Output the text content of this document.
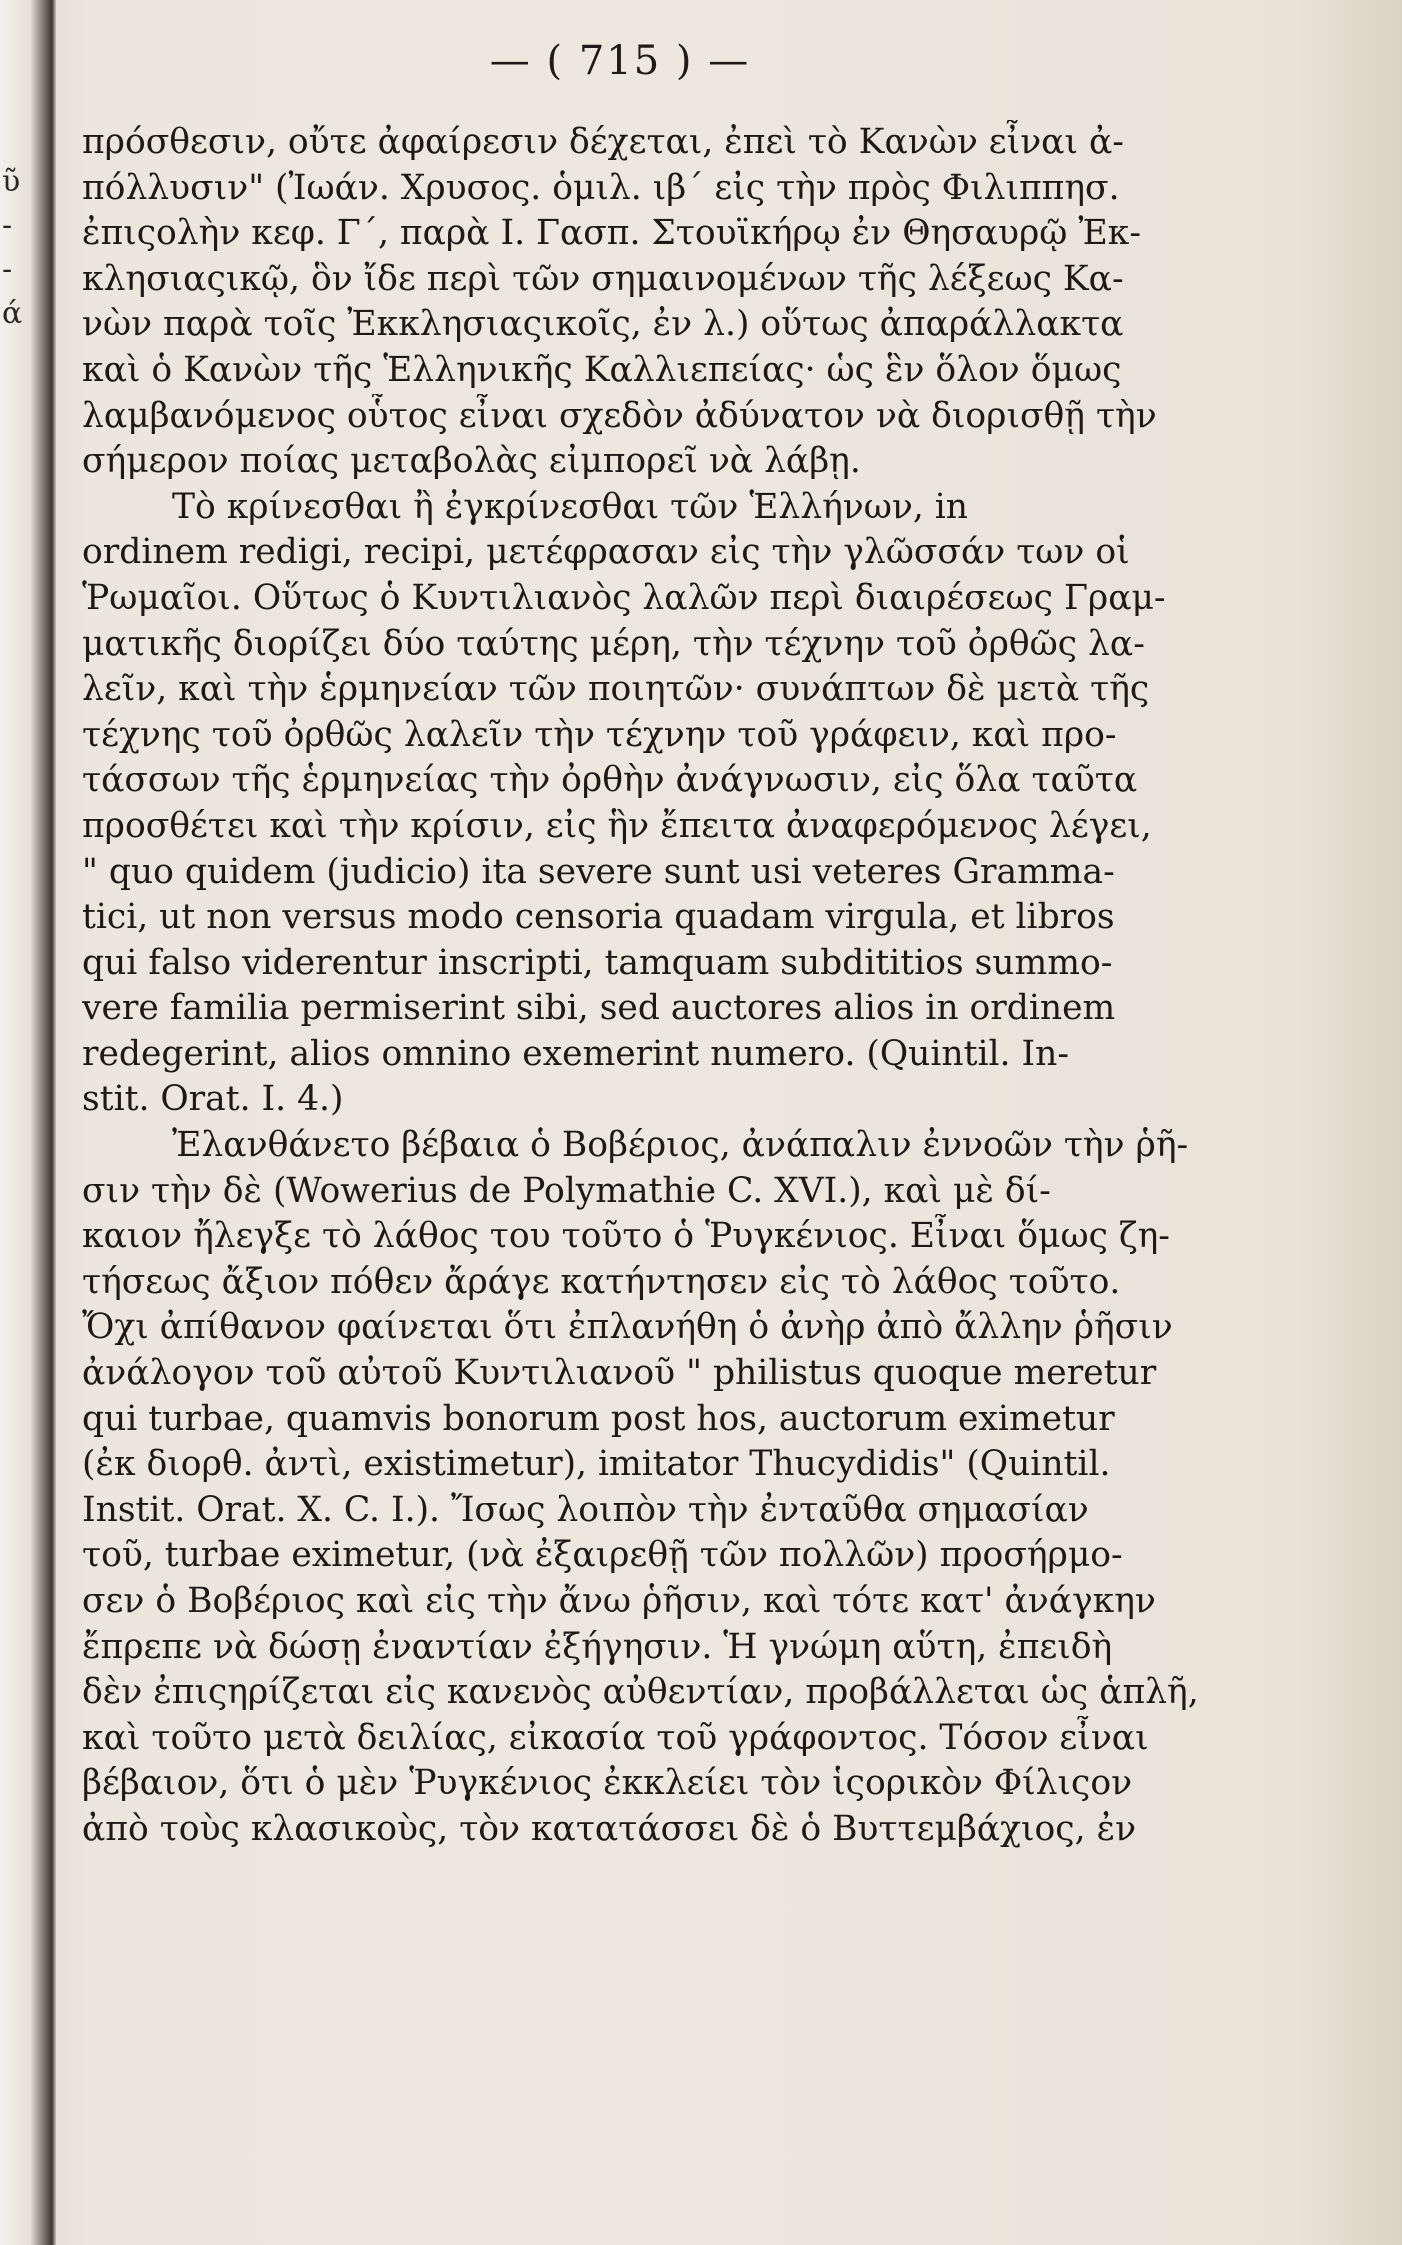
ῦ
-
-
ά
— ( 715 ) —
πρόσθεσιν, οὔτε ἀφαίρεσιν δέχεται, ἐπεὶ τὸ Κανὼν εἶναι ἀ-
πόλλυσιν" (Ἰωάν. Χρυσος. ὁμιλ. ιβ΄ εἰς τὴν πρὸς Φιλιππησ.
ἐπιςολὴν κεφ. Γ΄, παρὰ Ι. Γασπ. Στουϊκήρῳ ἐν Θησαυρῷ Ἐκ-
κλησιαςικῷ, ὃν ἴδε περὶ τῶν σημαινομένων τῆς λέξεως Κα-
νὼν παρὰ τοῖς Ἐκκλησιαςικοῖς, ἐν λ.) οὕτως ἀπαράλλακτα
καὶ ὁ Κανὼν τῆς Ἑλληνικῆς Καλλιεπείας· ὡς ἓν ὅλον ὅμως
λαμβανόμενος οὗτος εἶναι σχεδὸν ἀδύνατον νὰ διορισθῇ τὴν
σήμερον ποίας μεταβολὰς εἰμπορεῖ νὰ λάβῃ.
Τὸ κρίνεσθαι ἢ ἐγκρίνεσθαι τῶν Ἑλλήνων, in
ordinem redigi, recipi, μετέφρασαν εἰς τὴν γλῶσσάν των οἱ
Ῥωμαῖοι. Οὕτως ὁ Κυντιλιανὸς λαλῶν περὶ διαιρέσεως Γραμ-
ματικῆς διορίζει δύο ταύτης μέρη, τὴν τέχνην τοῦ ὀρθῶς λα-
λεῖν, καὶ τὴν ἑρμηνείαν τῶν ποιητῶν· συνάπτων δὲ μετὰ τῆς
τέχνης τοῦ ὀρθῶς λαλεῖν τὴν τέχνην τοῦ γράφειν, καὶ προ-
τάσσων τῆς ἑρμηνείας τὴν ὀρθὴν ἀνάγνωσιν, εἰς ὅλα ταῦτα
προσθέτει καὶ τὴν κρίσιν, εἰς ἣν ἔπειτα ἀναφερόμενος λέγει,
" quo quidem (judicio) ita severe sunt usi veteres Gramma-
tici, ut non versus modo censoria quadam virgula, et libros
qui falso viderentur inscripti, tamquam subdititios summo-
vere familia permiserint sibi, sed auctores alios in ordinem
redegerint, alios omnino exemerint numero. (Quintil. In-
stit. Orat. I. 4.)
Ἐλανθάνετο βέβαια ὁ Βοβέριος, ἀνάπαλιν ἐννοῶν τὴν ῥῆ-
σιν τὴν δὲ (Wowerius de Polymathie C. XVI.), καὶ μὲ δί-
καιον ἤλεγξε τὸ λάθος του τοῦτο ὁ Ῥυγκένιος. Εἶναι ὅμως ζη-
τήσεως ἄξιον πόθεν ἄράγε κατήντησεν εἰς τὸ λάθος τοῦτο.
Ὄχι ἀπίθανον φαίνεται ὅτι ἐπλανήθη ὁ ἀνὴρ ἀπὸ ἄλλην ῥῆσιν
ἀνάλογον τοῦ αὐτοῦ Κυντιλιανοῦ " philistus quoque meretur
qui turbae, quamvis bonorum post hos, auctorum eximetur
(ἐκ διορθ. ἀντὶ, existimetur), imitator Thucydidis" (Quintil.
Instit. Orat. X. C. I.). Ἴσως λοιπὸν τὴν ἐνταῦθα σημασίαν
τοῦ, turbae eximetur, (νὰ ἐξαιρεθῇ τῶν πολλῶν) προσήρμο-
σεν ὁ Βοβέριος καὶ εἰς τὴν ἄνω ῥῆσιν, καὶ τότε κατ' ἀνάγκην
ἔπρεπε νὰ δώσῃ ἐναντίαν ἐξήγησιν. Ἡ γνώμη αὕτη, ἐπειδὴ
δὲν ἐπιςηρίζεται εἰς κανενὸς αὐθεντίαν, προβάλλεται ὡς ἁπλῆ,
καὶ τοῦτο μετὰ δειλίας, εἰκασία τοῦ γράφοντος. Τόσον εἶναι
βέβαιον, ὅτι ὁ μὲν Ῥυγκένιος ἐκκλείει τὸν ἱςορικὸν Φίλιςον
ἀπὸ τοὺς κλασικοὺς, τὸν κατατάσσει δὲ ὁ Βυττεμβάχιος, ἐν
